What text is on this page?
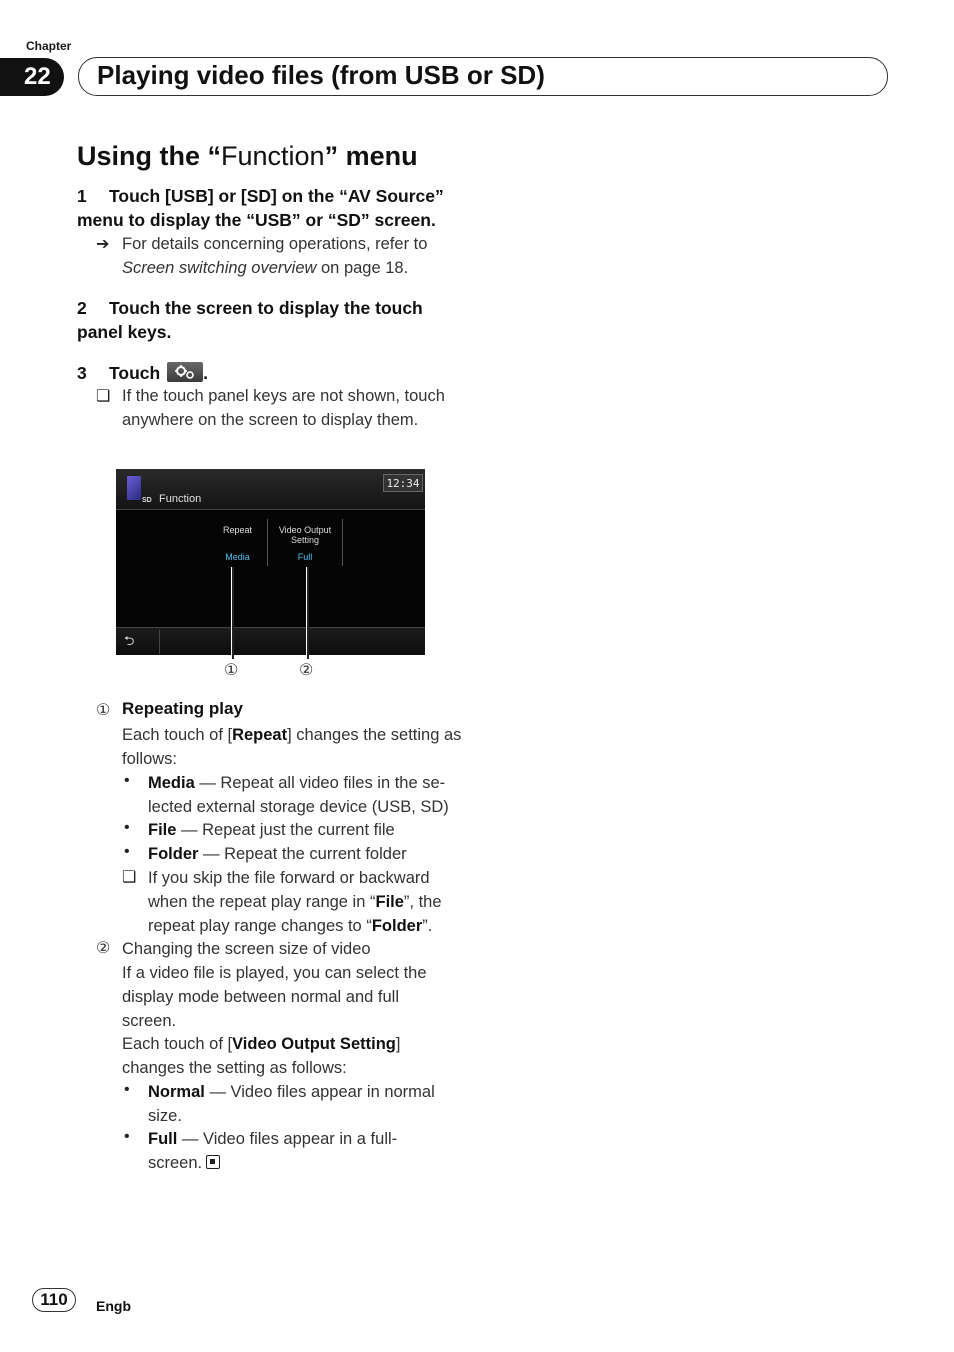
Chapter
22	Playing video files (from USB or SD)
Using the “Function” menu
1 Touch [USB] or [SD] on the “AV Source” menu to display the “USB” or “SD” screen.
➔ For details concerning operations, refer to Screen switching overview on page 18.
2 Touch the screen to display the touch panel keys.
3 Touch .
❏ If the touch panel keys are not shown, touch anywhere on the screen to display them.
SD Function
12:34
Repeat
Media
Video Output
Setting
Full
⮌
①	②
① Repeating play
Each touch of [Repeat] changes the setting as follows:
• Media — Repeat all video files in the selected external storage device (USB, SD)
• File — Repeat just the current file
• Folder — Repeat the current folder
❏ If you skip the file forward or backward when the repeat play range in “File”, the repeat play range changes to “Folder”.
② Changing the screen size of video
If a video file is played, you can select the display mode between normal and full screen.
Each touch of [Video Output Setting] changes the setting as follows:
• Normal — Video files appear in normal size.
• Full — Video files appear in a full-screen.
110	Engb
